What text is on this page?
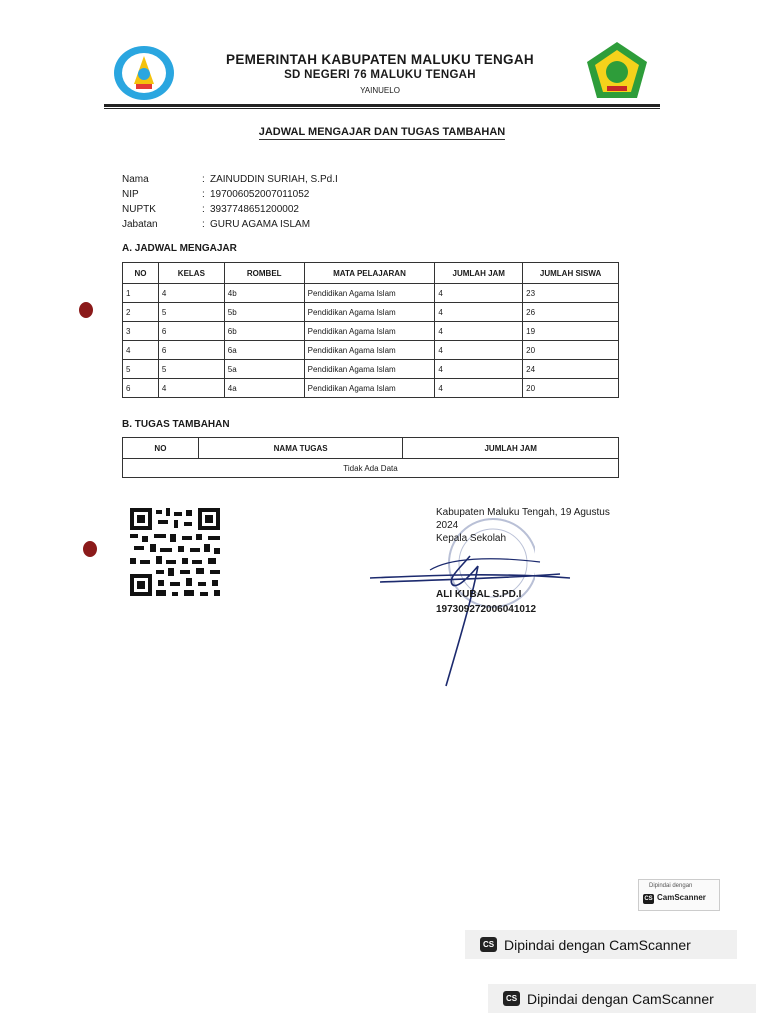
PEMERINTAH KABUPATEN MALUKU TENGAH
SD NEGERI 76 MALUKU TENGAH
YAINUELO
JADWAL MENGAJAR DAN TUGAS TAMBAHAN
Nama	: ZAINUDDIN SURIAH, S.Pd.I
NIP	: 197006052007011052
NUPTK	: 3937748651200002
Jabatan	: GURU AGAMA ISLAM
A. JADWAL MENGAJAR
NO	KELAS	ROMBEL	MATA PELAJARAN	JUMLAH JAM	JUMLAH SISWA
1	4	4b	Pendidikan Agama Islam	4	23
2	5	5b	Pendidikan Agama Islam	4	26
3	6	6b	Pendidikan Agama Islam	4	19
4	6	6a	Pendidikan Agama Islam	4	20
5	5	5a	Pendidikan Agama Islam	4	24
6	4	4a	Pendidikan Agama Islam	4	20
B. TUGAS TAMBAHAN
NO	NAMA TUGAS	JUMLAH JAM
Tidak Ada Data
Kabupaten Maluku Tengah, 19 Agustus
2024
Kepala Sekolah
ALI KUBAL S.PD.I
197309272006041012
Dipindai dengan
CS CamScanner
CS Dipindai dengan CamScanner
CS Dipindai dengan CamScanner
